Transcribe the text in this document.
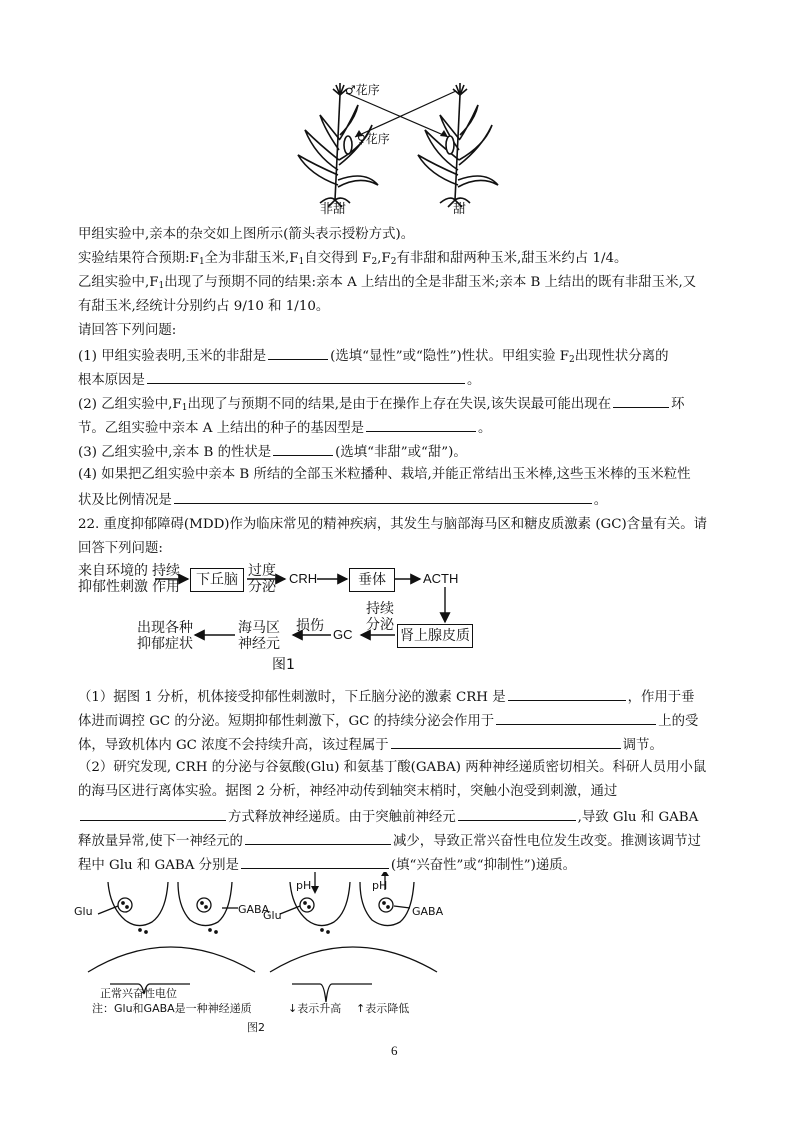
♂花序
♀花序
非甜	甜
甲组实验中,亲本的杂交如上图所示(箭头表示授粉方式)。
实验结果符合预期$:F_1$全为非甜玉米$,F_1$自交得到 $F_2,F_2$有非甜和甜两种玉米,甜玉米约占 1/4。
乙组实验中$,F_1$出现了与预期不同的结果:亲本 A 上结出的全是非甜玉米;亲本 B 上结出的既有非甜玉米,又
有甜玉米,经统计分别约占 9/10 和 1/10。
请回答下列问题:
(1) 甲组实验表明,玉米的非甜是	(选填“显性”或“隐性”)性状。甲组实验 $F_2$出现性状分离的
根本原因是	。
(2) 乙组实验中$,F_1$出现了与预期不同的结果,是由于在操作上存在失误,该失误最可能出现在	环
节。乙组实验中亲本 A 上结出的种子的基因型是	。
(3) 乙组实验中,亲本 B 的性状是	(选填“非甜”或“甜”)。
(4) 如果把乙组实验中亲本 B 所结的全部玉米粒播种、栽培,并能正常结出玉米棒,这些玉米棒的玉米粒性
状及比例情况是	。
22. 重度抑郁障碍(MDD)作为临床常见的精神疾病，其发生与脑部海马区和糖皮质激素 (GC)含量有关。请
回答下列问题:
来自环境的
抑郁性刺激
持续
作用	下丘脑
过度
分泌
CRH	垂体	ACTH
持续
分泌
肾上腺皮质
GC
损伤
海马区
神经元
出现各种
抑郁症状
图1
（1）据图 1 分析，机体接受抑郁性刺激时，下丘脑分泌的激素 CRH 是	，作用于垂
体进而调控 GC 的分泌。短期抑郁性刺激下，GC 的持续分泌会作用于	上的受
体，导致机体内 GC 浓度不会持续升高，该过程属于	调节。
（2）研究发现, CRH 的分泌与谷氨酸(Glu) 和氨基丁酸(GABA) 两种神经递质密切相关。科研人员用小鼠
的海马区进行离体实验。据图 2 分析，神经冲动传到轴突末梢时，突触小泡受到刺激，通过
方式释放神经递质。由于突触前神经元	,导致 Glu 和 GABA
释放量异常,使下一神经元的	减少，导致正常兴奋性电位发生改变。推测该调节过
程中 Glu 和 GABA 分别是	(填“兴奋性”或“抑制性”)递质。
Glu	GABA
Glu	GABA
pH	pH
正常兴奋性电位
注：Glu和GABA是一种神经递质	↓表示升高 ↑表示降低
图2
6
